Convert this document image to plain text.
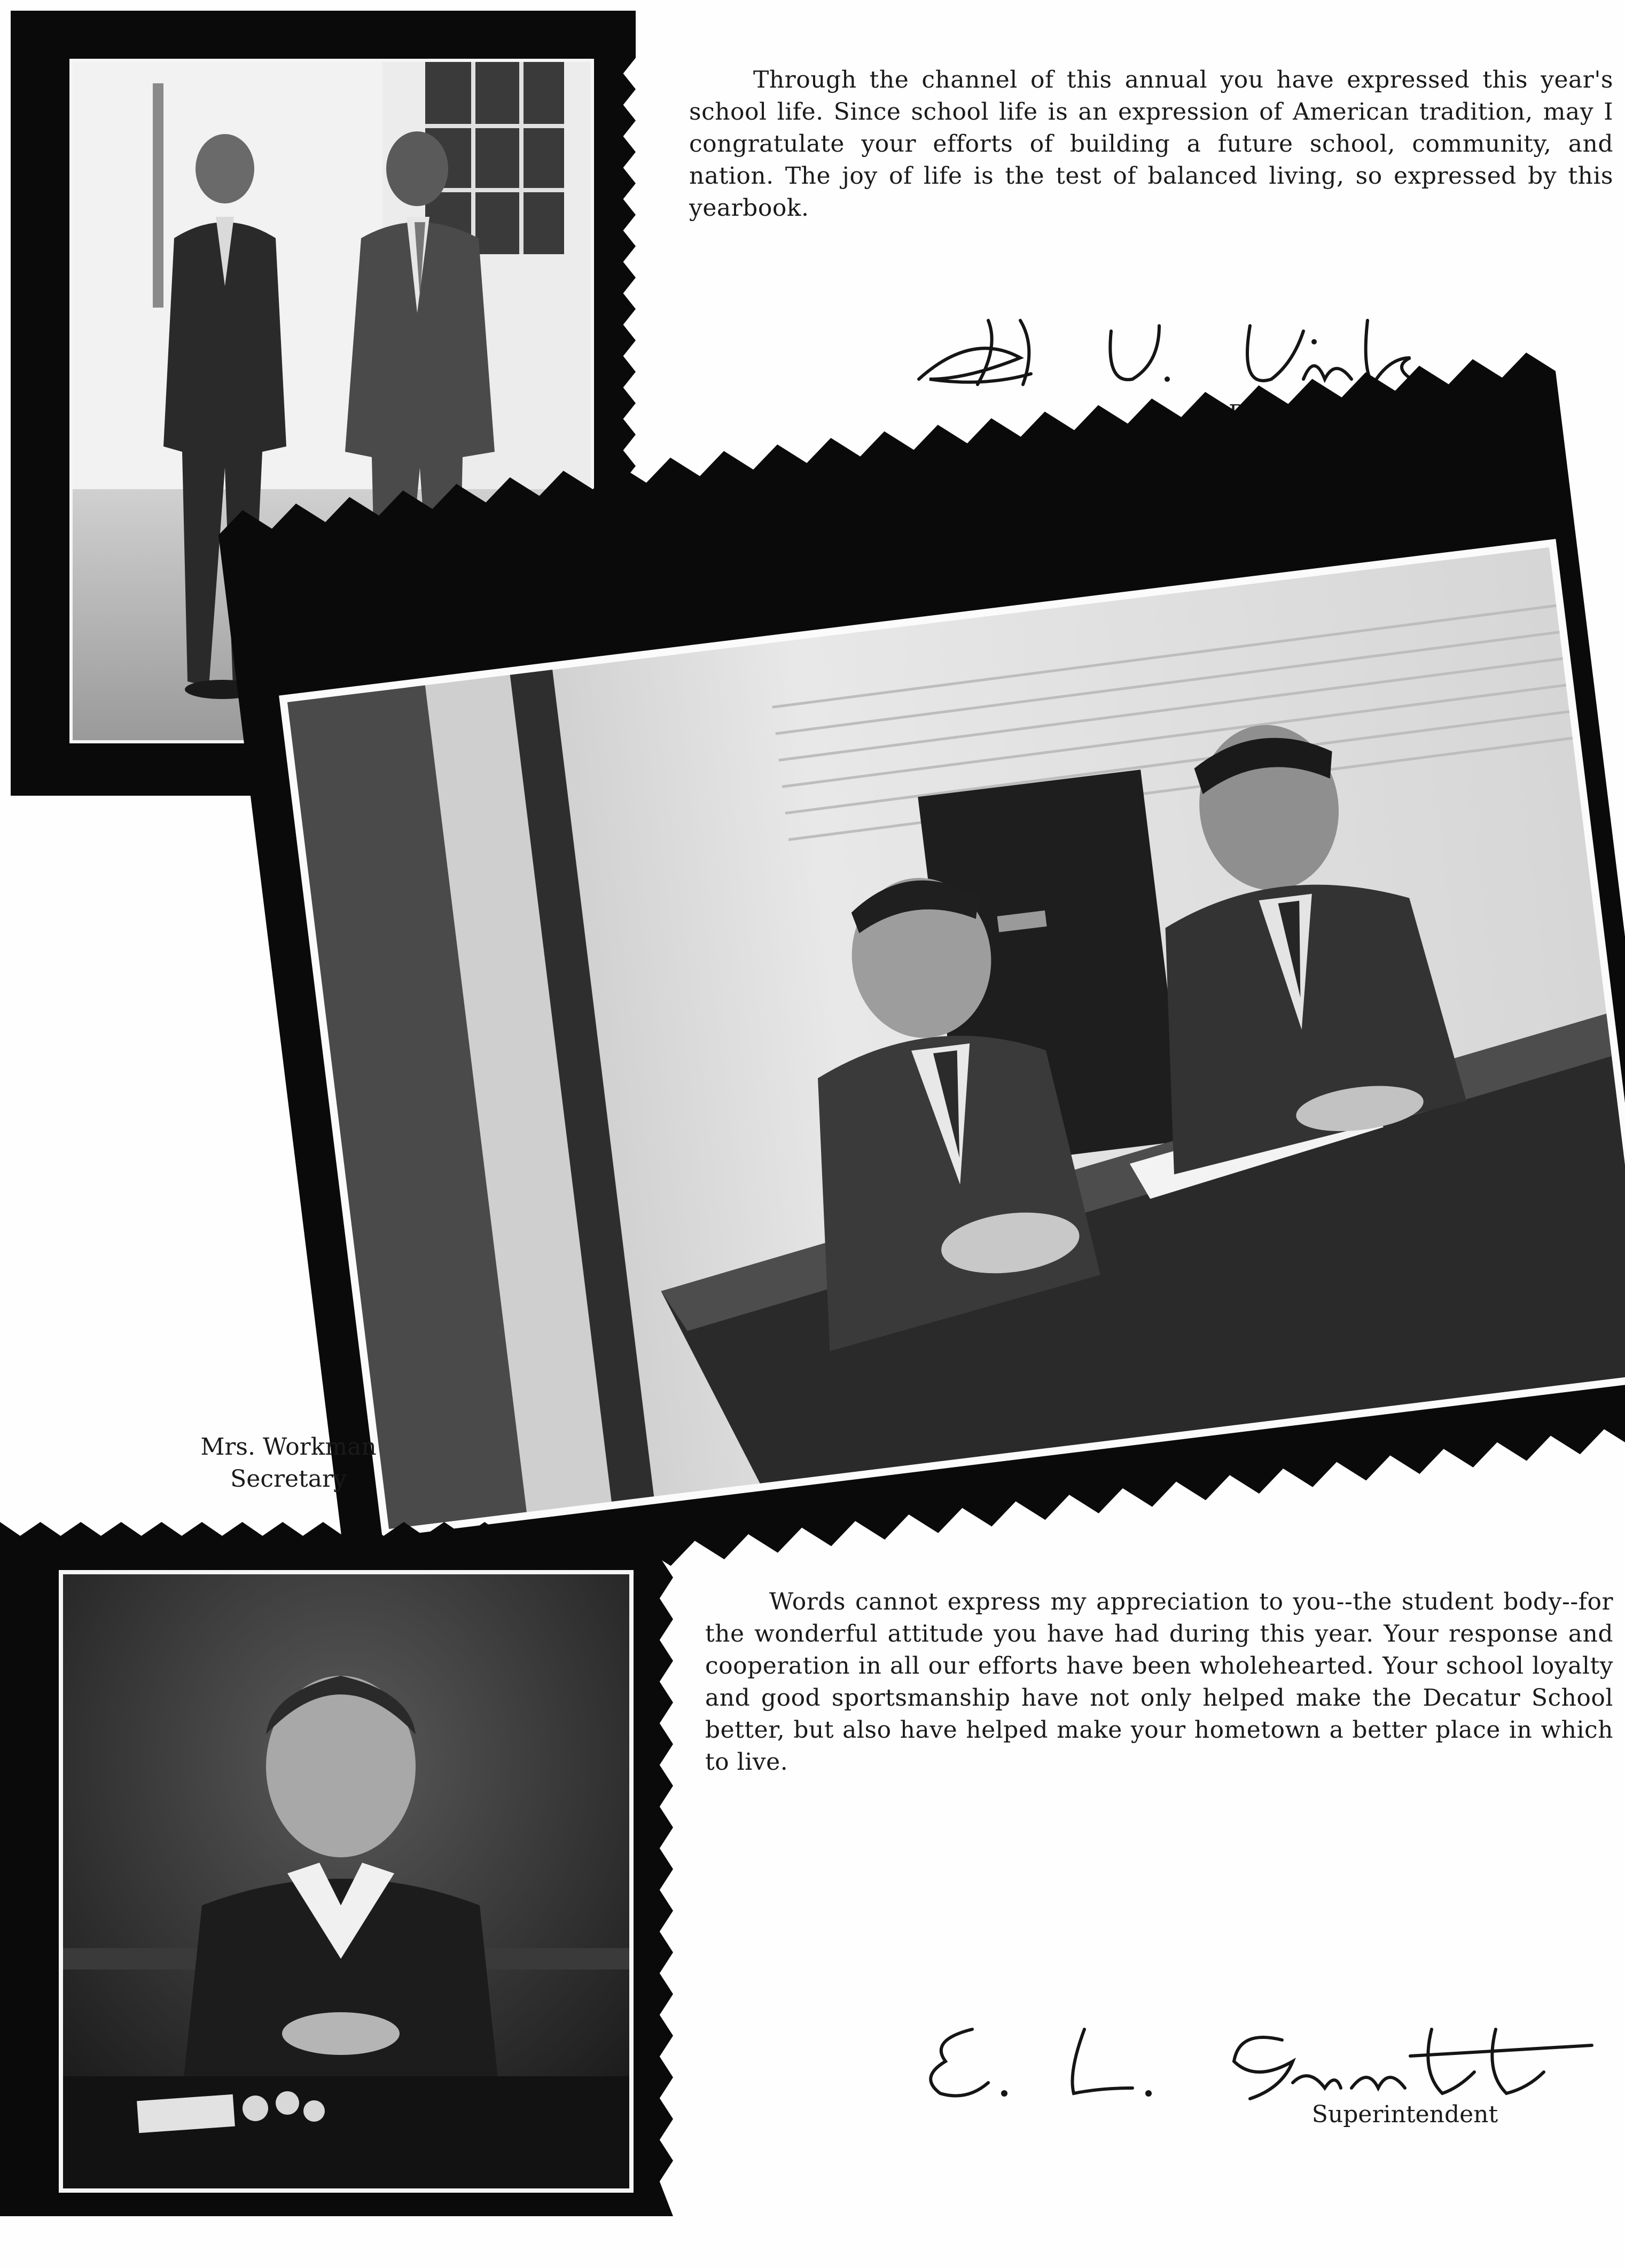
Through the channel of this annual you have expressed this year's school life. Since school life is an expression of American tradition, may I congratulate your efforts of building a future school, community, and nation. The joy of life is the test of balanced living, so expressed by this yearbook.

Mrs. Workman
Secretary

Words cannot express my appreciation to you--the student body--for the wonderful attitude you have had during this year. Your response and cooperation in all our efforts have been wholehearted. Your school loyalty and good sportsmanship have not only helped make the Decatur School better, but also have helped make your hometown a better place in which to live.

Superintendent
